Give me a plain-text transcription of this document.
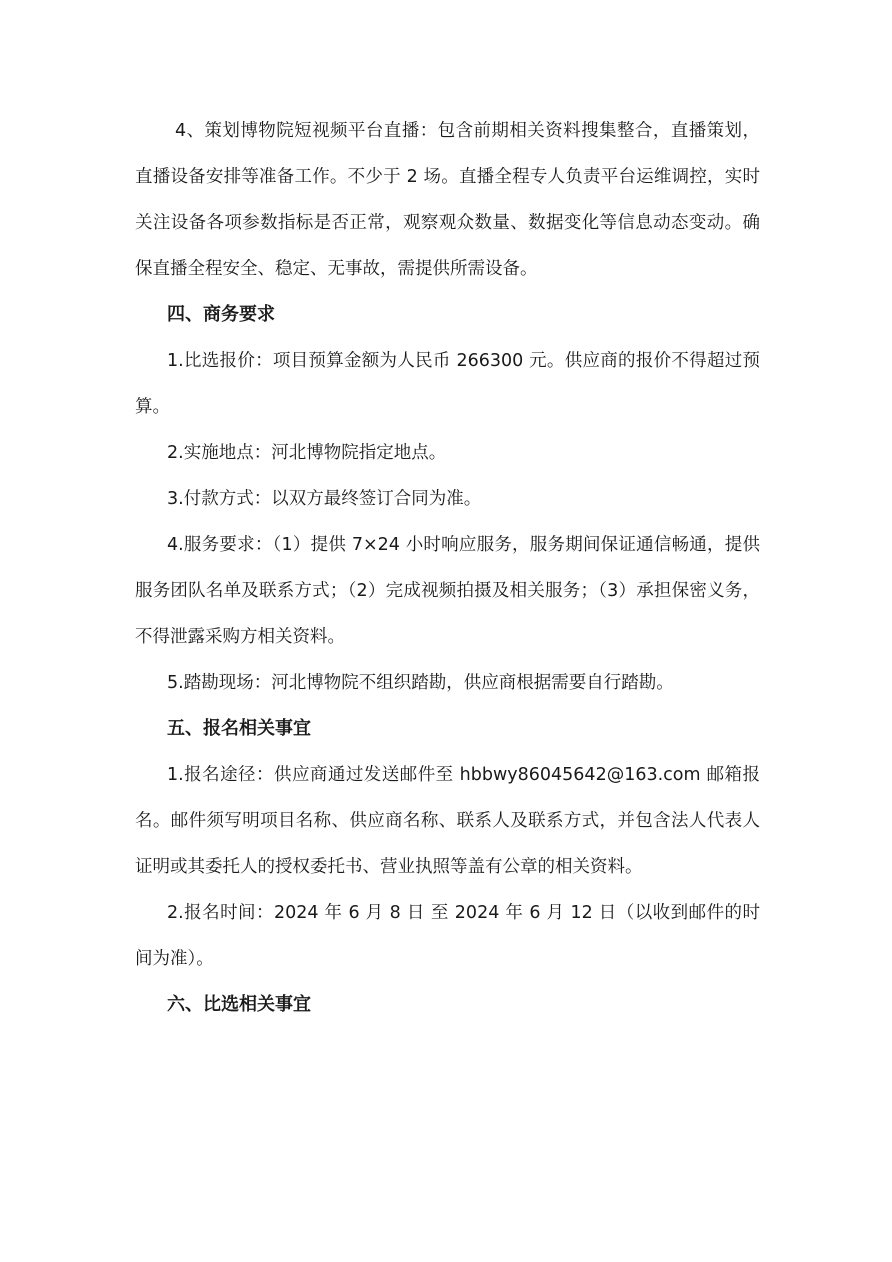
4、策划博物院短视频平台直播：包含前期相关资料搜集整合，直播策划，直播设备安排等准备工作。不少于 2 场。直播全程专人负责平台运维调控，实时关注设备各项参数指标是否正常，观察观众数量、数据变化等信息动态变动。确保直播全程安全、稳定、无事故，需提供所需设备。

四、商务要求

1.比选报价：项目预算金额为人民币 266300 元。供应商的报价不得超过预算。

2.实施地点：河北博物院指定地点。

3.付款方式：以双方最终签订合同为准。

4.服务要求：（1）提供 7×24 小时响应服务，服务期间保证通信畅通，提供服务团队名单及联系方式；（2）完成视频拍摄及相关服务；（3）承担保密义务，不得泄露采购方相关资料。

5.踏勘现场：河北博物院不组织踏勘，供应商根据需要自行踏勘。

五、报名相关事宜

1.报名途径：供应商通过发送邮件至 hbbwy86045642@163.com 邮箱报名。邮件须写明项目名称、供应商名称、联系人及联系方式，并包含法人代表人证明或其委托人的授权委托书、营业执照等盖有公章的相关资料。

2.报名时间：2024 年 6 月 8 日 至 2024 年 6 月 12 日（以收到邮件的时间为准）。

六、比选相关事宜
